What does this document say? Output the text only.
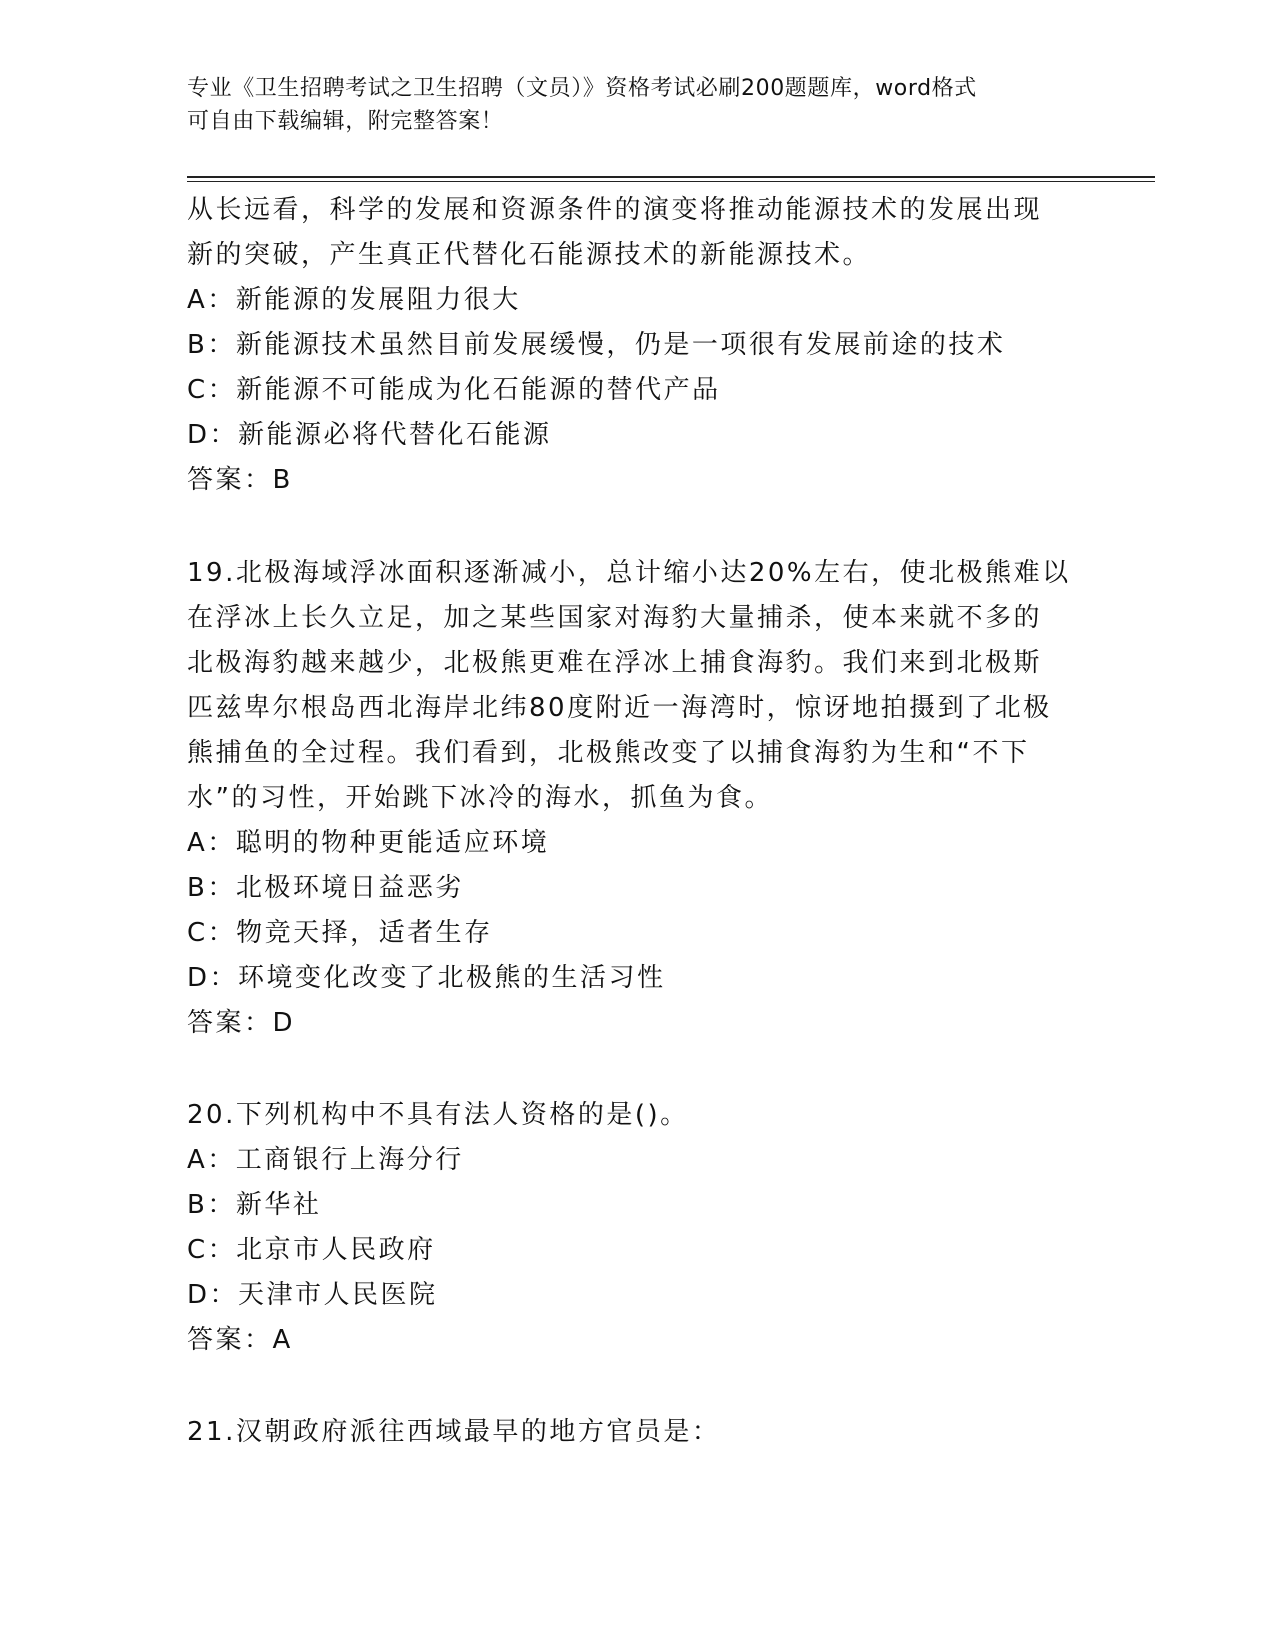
专业《卫生招聘考试之卫生招聘（文员）》资格考试必刷200题题库，word格式
可自由下载编辑，附完整答案！

从长远看，科学的发展和资源条件的演变将推动能源技术的发展出现

新的突破，产生真正代替化石能源技术的新能源技术。

A：新能源的发展阻力很大

B：新能源技术虽然目前发展缓慢，仍是一项很有发展前途的技术

C：新能源不可能成为化石能源的替代产品

D：新能源必将代替化石能源

答案：B

19.北极海域浮冰面积逐渐减小，总计缩小达20%左右，使北极熊难以

在浮冰上长久立足，加之某些国家对海豹大量捕杀，使本来就不多的

北极海豹越来越少，北极熊更难在浮冰上捕食海豹。我们来到北极斯

匹兹卑尔根岛西北海岸北纬80度附近一海湾时，惊讶地拍摄到了北极

熊捕鱼的全过程。我们看到，北极熊改变了以捕食海豹为生和“不下

水”的习性，开始跳下冰冷的海水，抓鱼为食。

A：聪明的物种更能适应环境

B：北极环境日益恶劣

C：物竞天择，适者生存

D：环境变化改变了北极熊的生活习性

答案：D

20.下列机构中不具有法人资格的是()。

A：工商银行上海分行

B：新华社

C：北京市人民政府

D：天津市人民医院

答案：A

21.汉朝政府派往西域最早的地方官员是：
